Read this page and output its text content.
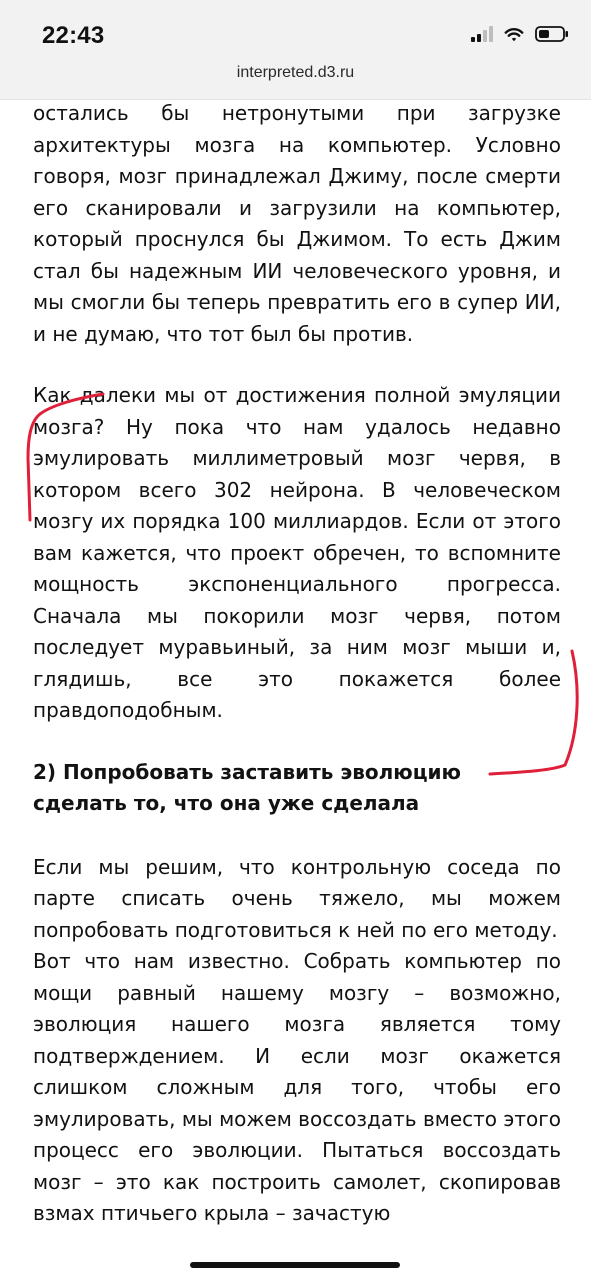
22:43
interpreted.d3.ru

остались бы нетронутыми при загрузке архитектуры мозга на компьютер. Условно говоря, мозг принадлежал Джиму, после смерти его сканировали и загрузили на компьютер, который проснулся бы Джимом. То есть Джим стал бы надежным ИИ человеческого уровня, и мы смогли бы теперь превратить его в супер ИИ, и не думаю, что тот был бы против.

Как далеки мы от достижения полной эмуляции мозга? Ну пока что нам удалось недавно эмулировать миллиметровый мозг червя, в котором всего 302 нейрона. В человеческом мозгу их порядка 100 миллиардов. Если от этого вам кажется, что проект обречен, то вспомните мощность экспоненциального прогресса. Сначала мы покорили мозг червя, потом последует муравьиный, за ним мозг мыши и, глядишь, все это покажется более правдоподобным.

2) Попробовать заставить эволюцию сделать то, что она уже сделала

Если мы решим, что контрольную соседа по парте списать очень тяжело, мы можем попробовать подготовиться к ней по его методу.

Вот что нам известно. Собрать компьютер по мощи равный нашему мозгу – возможно, эволюция нашего мозга является тому подтверждением. И если мозг окажется слишком сложным для того, чтобы его эмулировать, мы можем воссоздать вместо этого процесс его эволюции. Пытаться воссоздать мозг – это как построить самолет, скопировав взмах птичьего крыла – зачастую
